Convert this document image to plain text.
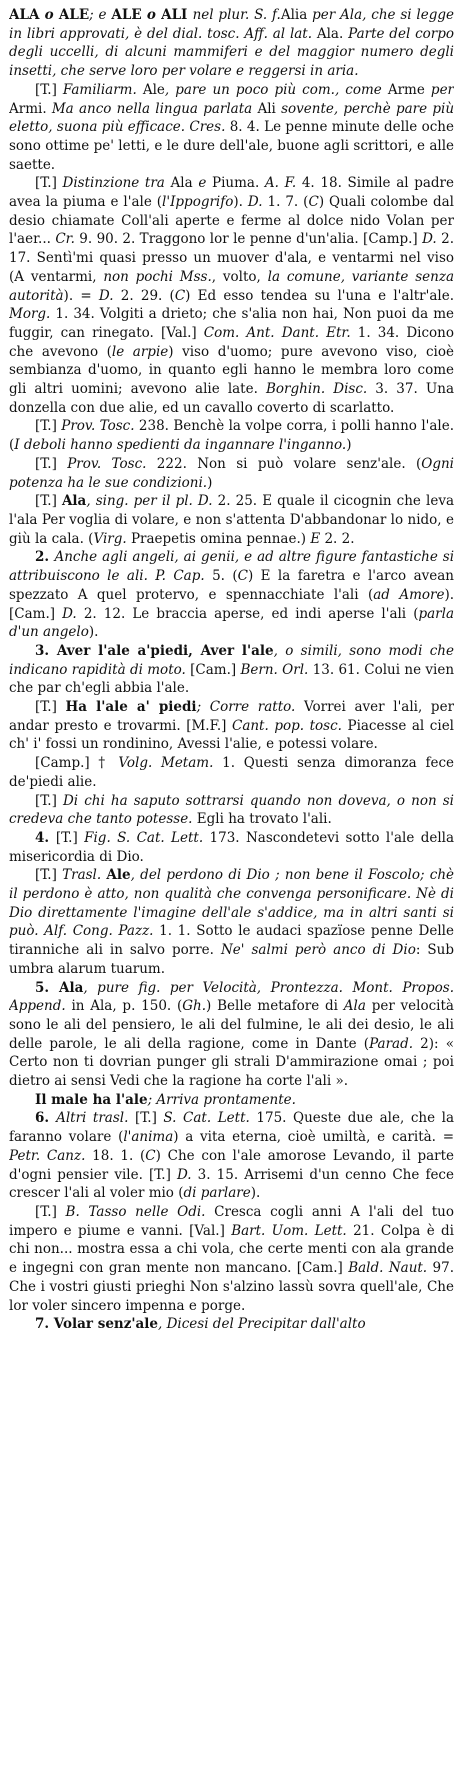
ALA o ALE; e ALE o ALI nel plur. S. f.Alia per Ala, che si legge in libri approvati, è del dial. tosc. Aff. al lat. Ala. Parte del corpo degli uccelli, di alcuni mammiferi e del maggior numero degli insetti, che serve loro per volare e reggersi in aria.

[T.] Familiarm. Ale, pare un poco più com., come Arme per Armi. Ma anco nella lingua parlata Ali sovente, perchè pare più eletto, suona più efficace. Cres. 8. 4. Le penne minute delle oche sono ottime pe' letti, e le dure dell'ale, buone agli scrittori, e alle saette.

[T.] Distinzione tra Ala e Piuma. A. F. 4. 18. Simile al padre avea la piuma e l'ale (l'Ippogrifo). D. 1. 7. (C) Quali colombe dal desio chiamate Coll'ali aperte e ferme al dolce nido Volan per l'aer... Cr. 9. 90. 2. Traggono lor le penne d'un'alia. [Camp.] D. 2. 17. Sentì'mi quasi presso un muover d'ala, e ventarmi nel viso (A ventarmi, non pochi Mss., volto, la comune, variante senza autorità). = D. 2. 29. (C) Ed esso tendea su l'una e l'altr'ale. Morg. 1. 34. Volgiti a drieto; che s'alia non hai, Non puoi da me fuggir, can rinegato. [Val.] Com. Ant. Dant. Etr. 1. 34. Dicono che avevono (le arpie) viso d'uomo; pure avevono viso, cioè sembianza d'uomo, in quanto egli hanno le membra loro come gli altri uomini; avevono alie late. Borghin. Disc. 3. 37. Una donzella con due alie, ed un cavallo coverto di scarlatto.

[T.] Prov. Tosc. 238. Benchè la volpe corra, i polli hanno l'ale. (I deboli hanno spedienti da ingannare l'inganno.)

[T.] Prov. Tosc. 222. Non si può volare senz'ale. (Ogni potenza ha le sue condizioni.)

[T.] Ala, sing. per il pl. D. 2. 25. E quale il cicognin che leva l'ala Per voglia di volare, e non s'attenta D'abbandonar lo nido, e giù la cala. (Virg. Praepetis omina pennae.) E 2. 2.

2. Anche agli angeli, ai genii, e ad altre figure fantastiche si attribuiscono le ali. P. Cap. 5. (C) E la faretra e l'arco avean spezzato A quel protervo, e spennacchiate l'ali (ad Amore). [Cam.] D. 2. 12. Le braccia aperse, ed indi aperse l'ali (parla d'un angelo).

3. Aver l'ale a'piedi, Aver l'ale, o simili, sono modi che indicano rapidità di moto. [Cam.] Bern. Orl. 13. 61. Colui ne vien che par ch'egli abbia l'ale.

[T.] Ha l'ale a' piedi; Corre ratto. Vorrei aver l'ali, per andar presto e trovarmi. [M.F.] Cant. pop. tosc. Piacesse al ciel ch' i' fossi un rondinino, Avessi l'alie, e potessi volare.

[Camp.] † Volg. Metam. 1. Questi senza dimoranza fece de'piedi alie.

[T.] Di chi ha saputo sottrarsi quando non doveva, o non si credeva che tanto potesse. Egli ha trovato l'ali.

4. [T.] Fig. S. Cat. Lett. 173. Nascondetevi sotto l'ale della misericordia di Dio.

[T.] Trasl. Ale, del perdono di Dio ; non bene il Foscolo; chè il perdono è atto, non qualità che convenga personificare. Nè di Dio direttamente l'imagine dell'ale s'addice, ma in altri santi si può. Alf. Cong. Pazz. 1. 1. Sotto le audaci spazïose penne Delle tiranniche ali in salvo porre. Ne' salmi però anco di Dio: Sub umbra alarum tuarum.

5. Ala, pure fig. per Velocità, Prontezza. Mont. Propos. Append. in Ala, p. 150. (Gh.) Belle metafore di Ala per velocità sono le ali del pensiero, le ali del fulmine, le ali dei desio, le ali delle parole, le ali della ragione, come in Dante (Parad. 2): « Certo non ti dovrian punger gli strali D'ammirazione omai ; poi dietro ai sensi Vedi che la ragione ha corte l'ali ».

Il male ha l'ale; Arriva prontamente.

6. Altri trasl. [T.] S. Cat. Lett. 175. Queste due ale, che la faranno volare (l'anima) a vita eterna, cioè umiltà, e carità. = Petr. Canz. 18. 1. (C) Che con l'ale amorose Levando, il parte d'ogni pensier vile. [T.] D. 3. 15. Arrisemi d'un cenno Che fece crescer l'ali al voler mio (di parlare).

[T.] B. Tasso nelle Odi. Cresca cogli anni A l'ali del tuo impero e piume e vanni. [Val.] Bart. Uom. Lett. 21. Colpa è di chi non... mostra essa a chi vola, che certe menti con ala grande e ingegni con gran mente non mancano. [Cam.] Bald. Naut. 97. Che i vostri giusti prieghi Non s'alzino lassù sovra quell'ale, Che lor voler sincero impenna e porge.

7. Volar senz'ale, Dicesi del Precipitar dall'alto
